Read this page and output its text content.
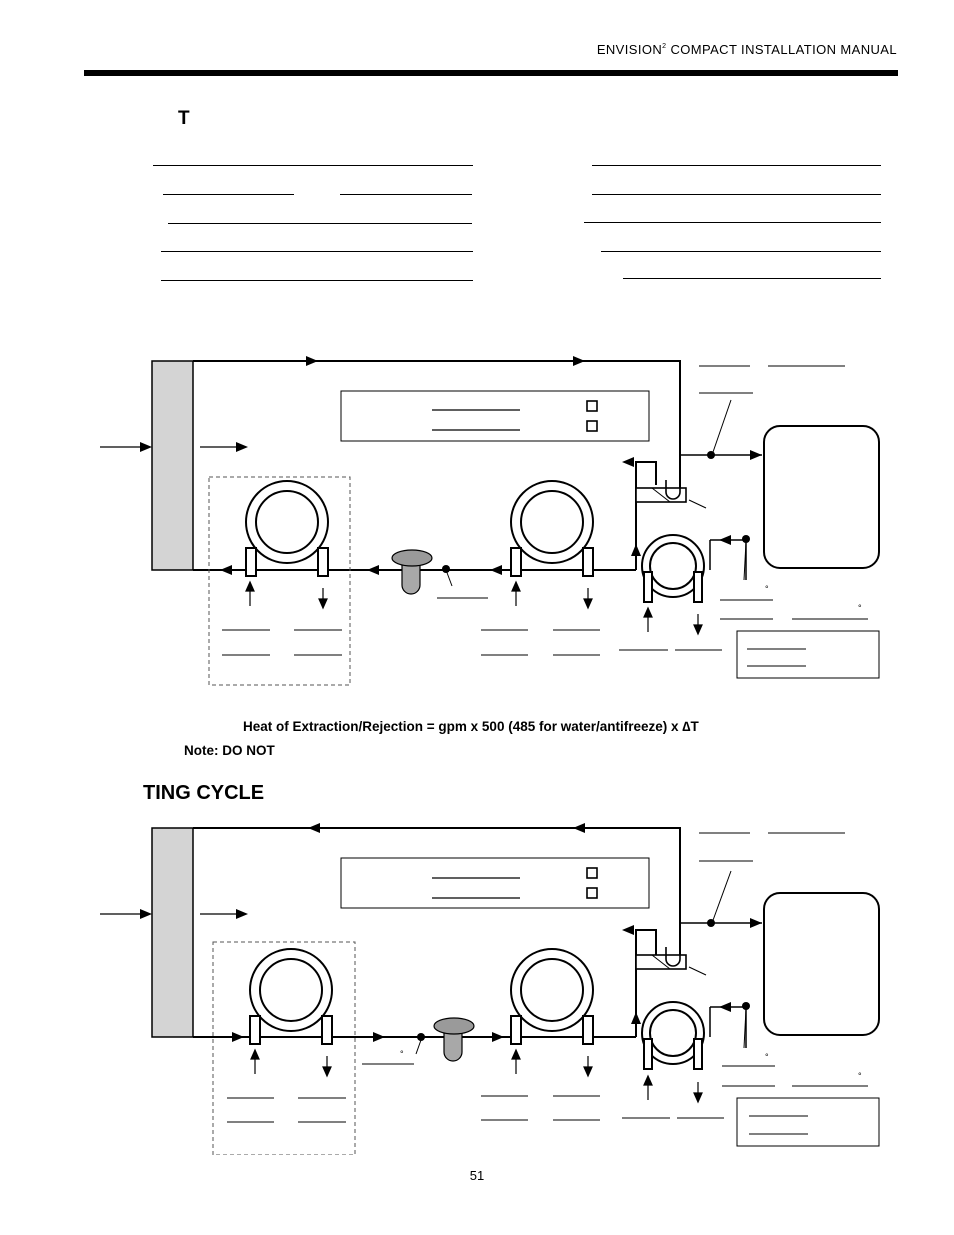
ENVISION$^2$ COMPACT INSTALLATION MANUAL
T
°
°
Heat of Extraction/Rejection = gpm x 500 (485 for water/antifreeze) x ∆T
Note: DO NOT
TING CYCLE
°	°
°
51
